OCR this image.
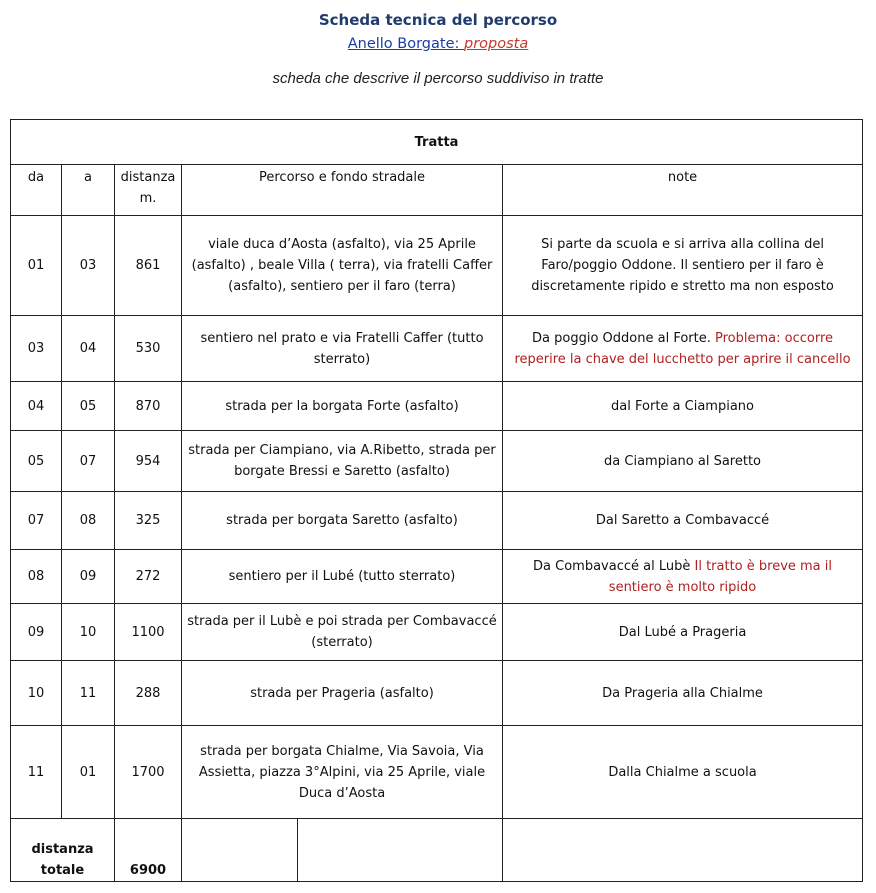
Scheda tecnica del percorso
Anello Borgate: proposta
scheda che descrive il percorso suddiviso in tratte
Tratta					
da	a	distanza m.	Percorso e fondo stradale		note
01	03	861	viale duca d’Aosta (asfalto), via 25 Aprile (asfalto) , beale Villa ( terra), via fratelli Caffer (asfalto), sentiero per il faro (terra)		Si parte da scuola e si arriva alla collina del Faro/poggio Oddone. Il sentiero per il faro è discretamente ripido e stretto ma non esposto
03	04	530	sentiero nel prato e via Fratelli Caffer (tutto sterrato)		Da poggio Oddone al Forte. Problema: occorre reperire la chave del lucchetto per aprire il cancello
04	05	870	strada per la borgata Forte (asfalto)		dal Forte a Ciampiano
05	07	954	strada per Ciampiano, via A.Ribetto, strada per borgate Bressi e Saretto (asfalto)		da Ciampiano al Saretto
07	08	325	strada per borgata Saretto (asfalto)		Dal Saretto a Combavaccé
08	09	272	sentiero per il Lubé (tutto sterrato)		Da Combavaccé al Lubè Il tratto è breve ma il sentiero è molto ripido
09	10	1100	strada per il Lubè e poi strada per Combavaccé (sterrato)		Dal Lubé a Prageria
10	11	288	strada per Prageria (asfalto)		Da Prageria alla Chialme
11	01	1700	strada per borgata Chialme, Via Savoia, Via Assietta, piazza 3°Alpini, via 25 Aprile, viale Duca d’Aosta		Dalla Chialme a scuola
distanza totale		6900			
